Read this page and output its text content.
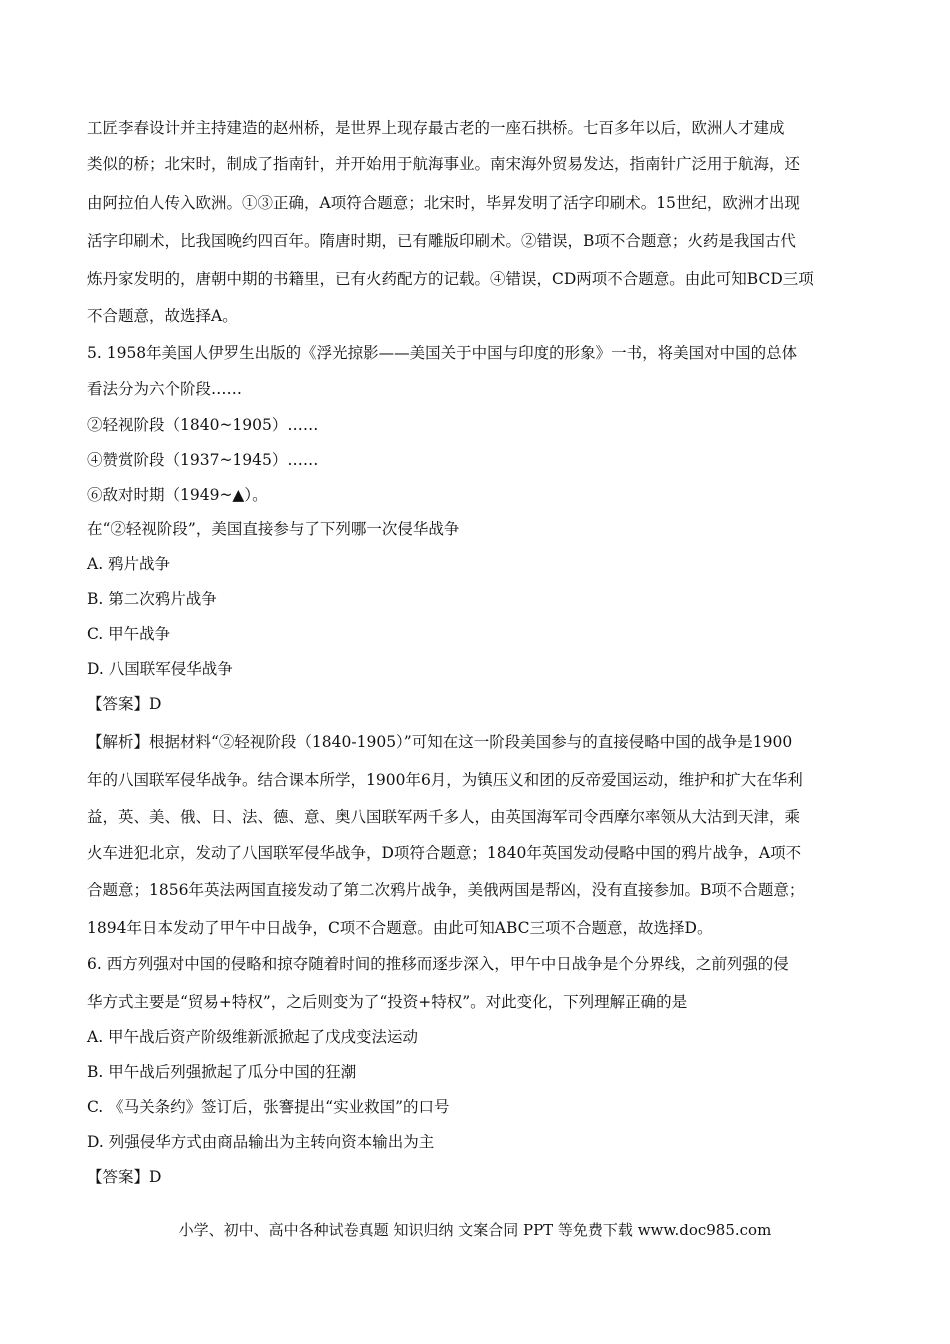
工匠李春设计并主持建造的赵州桥，是世界上现存最古老的一座石拱桥。七百多年以后，欧洲人才建成
类似的桥；北宋时，制成了指南针，并开始用于航海事业。南宋海外贸易发达，指南针广泛用于航海，还
由阿拉伯人传入欧洲。①③正确，A项符合题意；北宋时，毕昇发明了活字印刷术。15世纪，欧洲才出现
活字印刷术，比我国晚约四百年。隋唐时期，已有雕版印刷术。②错误，B项不合题意；火药是我国古代
炼丹家发明的，唐朝中期的书籍里，已有火药配方的记载。④错误，CD两项不合题意。由此可知BCD三项
不合题意，故选择A。
5. 1958年美国人伊罗生出版的《浮光掠影——美国关于中国与印度的形象》一书，将美国对中国的总体
看法分为六个阶段……
②轻视阶段（1840~1905）……
④赞赏阶段（1937~1945）……
⑥敌对时期（1949~▲）。
在“②轻视阶段”，美国直接参与了下列哪一次侵华战争
A. 鸦片战争
B. 第二次鸦片战争
C. 甲午战争
D. 八国联军侵华战争
【答案】D
【解析】根据材料“②轻视阶段（1840-1905）”可知在这一阶段美国参与的直接侵略中国的战争是1900
年的八国联军侵华战争。结合课本所学，1900年6月，为镇压义和团的反帝爱国运动，维护和扩大在华利
益，英、美、俄、日、法、德、意、奥八国联军两千多人，由英国海军司令西摩尔率领从大沽到天津，乘
火车进犯北京，发动了八国联军侵华战争，D项符合题意；1840年英国发动侵略中国的鸦片战争，A项不
合题意；1856年英法两国直接发动了第二次鸦片战争，美俄两国是帮凶，没有直接参加。B项不合题意；
1894年日本发动了甲午中日战争，C项不合题意。由此可知ABC三项不合题意，故选择D。
6. 西方列强对中国的侵略和掠夺随着时间的推移而逐步深入，甲午中日战争是个分界线，之前列强的侵
华方式主要是“贸易+特权”，之后则变为了“投资+特权”。对此变化，下列理解正确的是
A. 甲午战后资产阶级维新派掀起了戊戌变法运动
B. 甲午战后列强掀起了瓜分中国的狂潮
C. 《马关条约》签订后，张謇提出“实业救国”的口号
D. 列强侵华方式由商品输出为主转向资本输出为主
【答案】D
小学、初中、高中各种试卷真题 知识归纳 文案合同 PPT 等免费下载 www.doc985.com
